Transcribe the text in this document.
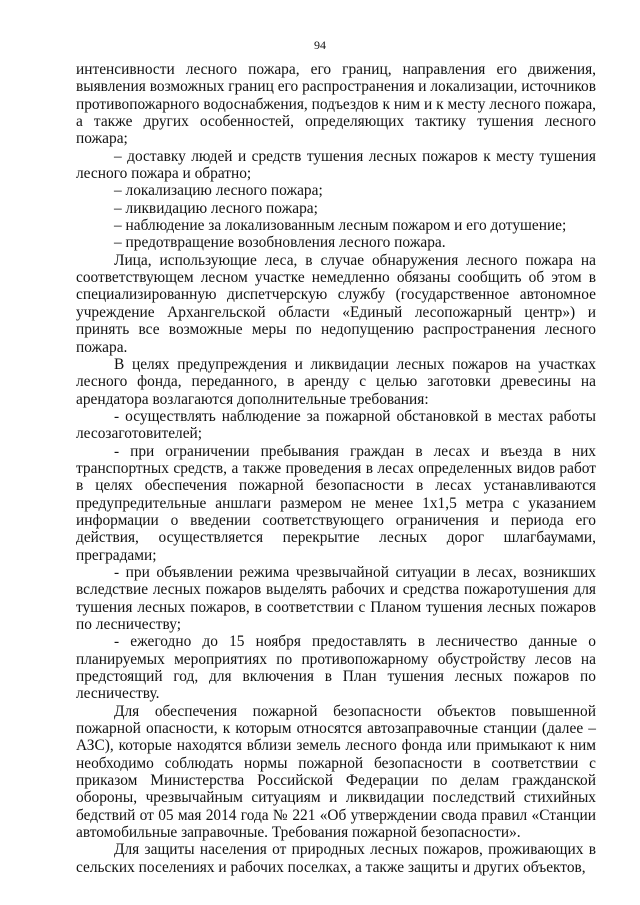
94

интенсивности лесного пожара, его границ, направления его движения, выявления возможных границ его распространения и локализации, источников противопожарного водоснабжения, подъездов к ним и к месту лесного пожара, а также других особенностей, определяющих тактику тушения лесного пожара;

– доставку людей и средств тушения лесных пожаров к месту тушения лесного пожара и обратно;

– локализацию лесного пожара;

– ликвидацию лесного пожара;

– наблюдение за локализованным лесным пожаром и его дотушение;

– предотвращение возобновления лесного пожара.

Лица, использующие леса, в случае обнаружения лесного пожара на соответствующем лесном участке немедленно обязаны сообщить об этом в специализированную диспетчерскую службу (государственное автономное учреждение Архангельской области «Единый лесопожарный центр») и принять все возможные меры по недопущению распространения лесного пожара.

В целях предупреждения и ликвидации лесных пожаров на участках лесного фонда, переданного, в аренду с целью заготовки древесины на арендатора возлагаются дополнительные требования:

- осуществлять наблюдение за пожарной обстановкой в местах работы лесозаготовителей;

- при ограничении пребывания граждан в лесах и въезда в них транспортных средств, а также проведения в лесах определенных видов работ в целях обеспечения пожарной безопасности в лесах устанавливаются предупредительные аншлаги размером не менее 1х1,5 метра с указанием информации о введении соответствующего ограничения и периода его действия, осуществляется перекрытие лесных дорог шлагбаумами, преградами;

- при объявлении режима чрезвычайной ситуации в лесах, возникших вследствие лесных пожаров выделять рабочих и средства пожаротушения для тушения лесных пожаров, в соответствии с Планом тушения лесных пожаров по лесничеству;

- ежегодно до 15 ноября предоставлять в лесничество данные о планируемых мероприятиях по противопожарному обустройству лесов на предстоящий год, для включения в План тушения лесных пожаров по лесничеству.

Для обеспечения пожарной безопасности объектов повышенной пожарной опасности, к которым относятся автозаправочные станции (далее – АЗС), которые находятся вблизи земель лесного фонда или примыкают к ним необходимо соблюдать нормы пожарной безопасности в соответствии с приказом Министерства Российской Федерации по делам гражданской обороны, чрезвычайным ситуациям и ликвидации последствий стихийных бедствий от 05 мая 2014 года № 221 «Об утверждении свода правил «Станции автомобильные заправочные. Требования пожарной безопасности».

Для защиты населения от природных лесных пожаров, проживающих в сельских поселениях и рабочих поселках, а также защиты и других объектов,
